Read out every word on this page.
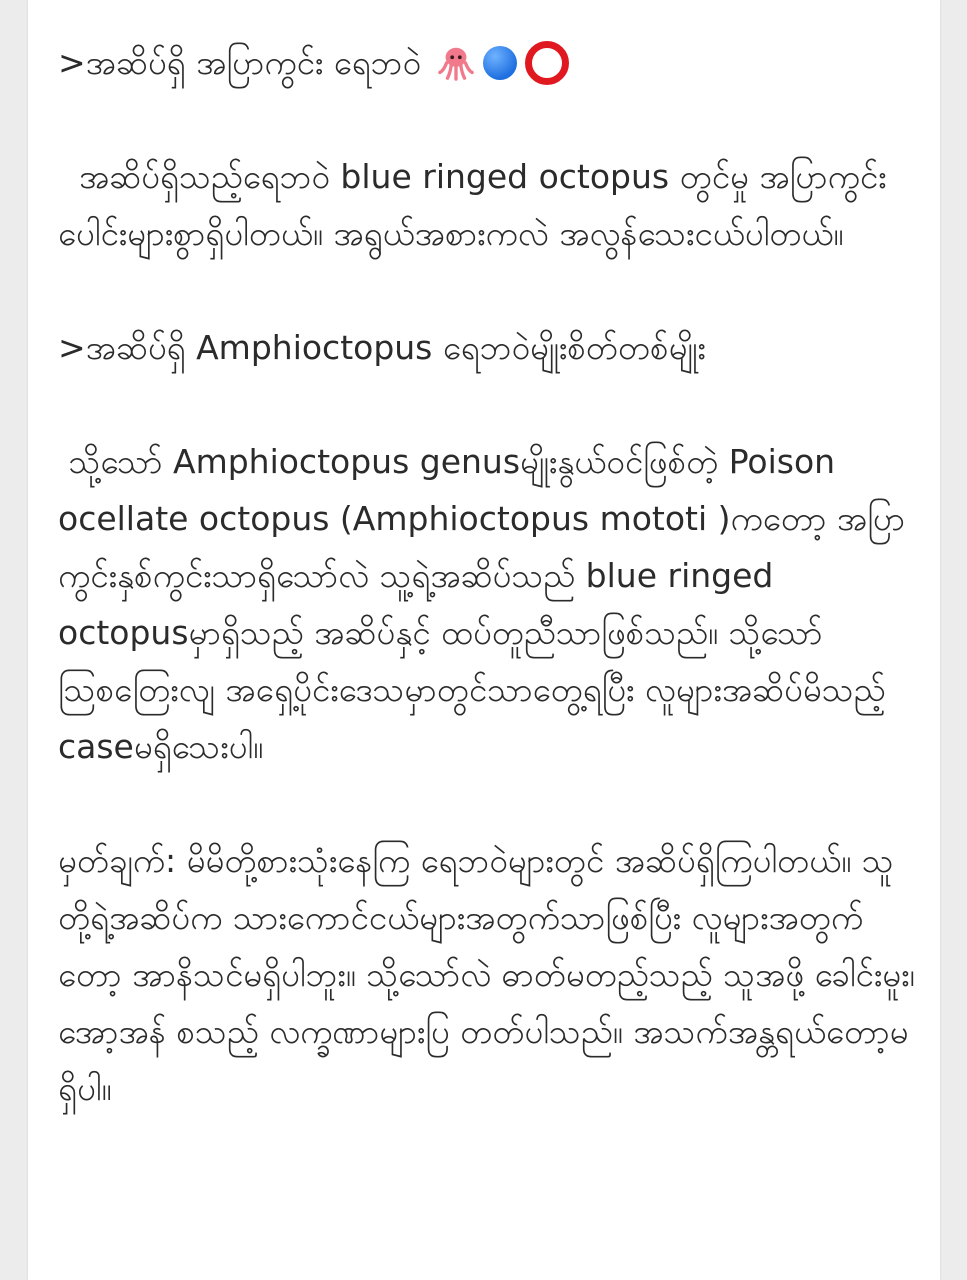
>အဆိပ်ရှိ အပြာကွင်း ရေဘဝဲ

အဆိပ်ရှိသည့်ရေဘဝဲ blue ringed octopus တွင်မှု အပြာကွင်းပေါင်းများစွာရှိပါတယ်။ အရွယ်အစားကလဲ အလွန်သေးငယ်ပါတယ်။

>အဆိပ်ရှိ Amphioctopus ရေဘဝဲမျိုးစိတ်တစ်မျိုး

သို့သော် Amphioctopus genusမျိုးနွယ်ဝင်ဖြစ်တဲ့ Poison ocellate octopus (Amphioctopus mototi )ကတော့ အပြာကွင်းနှစ်ကွင်းသာရှိသော်လဲ သူ့ရဲ့အဆိပ်သည် blue ringed octopusမှာရှိသည့် အဆိပ်နှင့် ထပ်တူညီသာဖြစ်သည်။ သို့သော် ဩစတြေးလျ အရှေ့ပိုင်းဒေသမှာတွင်သာတွေ့ရပြီး လူများအဆိပ်မိသည့် caseမရှိသေးပါ။

မှတ်ချက်: မိမိတို့စားသုံးနေကြ ရေဘဝဲများတွင် အဆိပ်ရှိကြပါတယ်။ သူတို့ရဲ့အဆိပ်က သားကောင်ငယ်များအတွက်သာဖြစ်ပြီး လူများအတွက်တော့ အာနိသင်မရှိပါဘူး။ သို့သော်လဲ ဓာတ်မတည့်သည့် သူအဖို့ ခေါင်းမူး၊ အော့အန် စသည့် လက္ခဏာများပြ တတ်ပါသည်။ အသက်အန္တရယ်တော့မရှိပါ။
